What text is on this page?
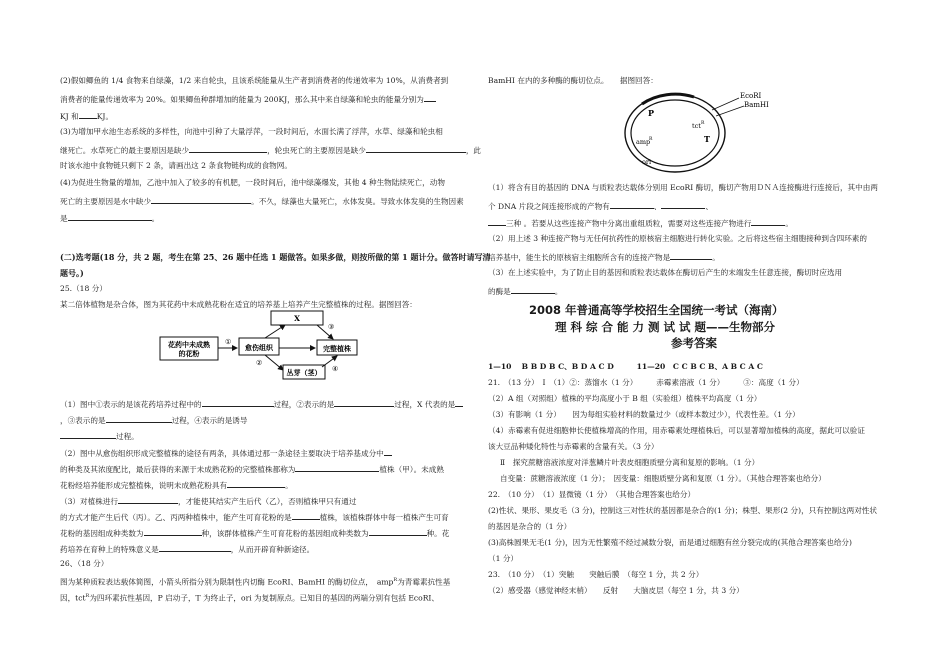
(2)假如鲫鱼的 1/4 食物来自绿藻，1/2 来自轮虫，且该系统能量从生产者到消费者的传递效率为 10%，从消费者到
消费者的能量传递效率为 20%。如果鲫鱼种群增加的能量为 200KJ，那么其中来自绿藻和轮虫的能量分别为
KJ 和 KJ。
(3)为增加甲水池生态系统的多样性，向池中引种了大量浮萍，一段时间后，水面长满了浮萍，水草、绿藻和轮虫相
继死亡。水草死亡的最主要原因是缺少	，轮虫死亡的主要原因是缺少	，此
时该水池中食物链只剩下 2 条，请画出这 2 条食物链构成的食物网。
(4)为促进生物量的增加，乙池中加入了较多的有机肥，一段时间后，池中绿藻爆发，其他 4 种生物陆续死亡，动物
死亡的主要原因是水中缺少	。不久，绿藻也大量死亡，水体发臭。导致水体发臭的生物因素
是	。
(二)选考题(18 分，共 2 题，考生在第 25、26 题中任选 1 题做答。如果多做，则按所做的第 1 题计分。做答时请写清
题号。)
25.（18 分）
某二倍体植物是杂合体，图为其花药中未成熟花粉在适宜的培养基上培养产生完整植株的过程。据图回答：
花药中未成熟
的花粉
①
愈伤组织
X
②
③
完整植株
丛芽（茎） ④
（1）图中①表示的是该花药培养过程中的	过程，②表示的是	过程，X 代表的是
，③表示的是	过程，④表示的是诱导
过程。
（2）图中从愈伤组织形成完整植株的途径有两条，具体通过那一条途径主要取决于培养基成分中
的种类及其浓度配比，最后获得的来源于未成熟花粉的完整植株都称为	植株（甲）。未成熟
花粉经培养能形成完整植株，说明未成熟花粉具有	。
（3）对植株进行	，才能使其结实产生后代（乙），否则植株甲只有通过
的方式才能产生后代（丙）。乙、丙两种植株中，能产生可育花粉的是	植株，该植株群体中每一植株产生可育
花粉的基因组成种类数为	种，该群体植株产生可育花粉的基因组成种类数为	种。花
药培养在育种上的特殊意义是	，从而开辟育种新途径。
26、（18 分）
图为某种质粒表达载体简图，小箭头所指分别为限制性内切酶 EcoRI、BamHI 的酶切位点，　 amp$^R$为青霉素抗性基
因，tct$^R$为四环素抗性基因，P 启动子，T 为终止子，ori 为复制原点。已知目的基因的两端分别有包括 EcoRI、
BamHI 在内的多种酶的酶切位点。　　 据图回答：
EcoRI
BamHI
P
amp
R
tct R
T
ori
（1）将含有目的基因的 DNA 与质粒表达载体分别用 EcoRI 酶切，酶切产物用ＤＮＡ连接酶进行连接后，其中由两
个 DNA 片段之间连接形成的产物有	、	、
三种 。若要从这些连接产物中分离出重组质粒，需要对这些连接产物进行	。
（2）用上述 3 种连接产物与无任何抗药性的原核宿主细胞进行转化实验。之后将这些宿主细胞接种到含四环素的
培养基中，能生长的原核宿主细胞所含有的连接产物是	。
（3）在上述实验中，为了防止目的基因和质粒表达载体在酶切后产生的末端发生任意连接，酶切时应选用
的酶是	。
2008 年普通高等学校招生全国统一考试（海南）
理 科 综 合 能 力 测 试 试 题——生物部分
参考答案
1—10　 B B D B C、B D A C D　　　11—20　C C B C B、A B C A C
21.　（13 分）　Ⅰ　（1）②：蒸馏水（1 分）　　　赤霉素溶液（1 分）　　　③：高度（1 分）
（2）A 组（对照组）植株的平均高度小于 B 组（实验组）植株平均高度（1 分）
（3）有影响（1 分）　　因为每组实验材料的数量过少（或样本数过少），代表性差。（1 分）
（4）赤霉素有促进细胞伸长使植株增高的作用，用赤霉素处理植株后，可以显著增加植株的高度，据此可以验证
该大豆品种矮化特性与赤霉素的含量有关。（3 分）
Ⅱ　探究蔗糖溶液浓度对洋葱鳞片叶表皮细胞质壁分离和复原的影响。（1 分）
自变量：蔗糖溶液浓度（1 分）；　因变量：细胞质壁分离和复原（1 分）。（其他合理答案也给分）
22.　（10 分）　（1）显微镜（1 分）　（其他合理答案也给分）
(2)性状、果形、果皮毛（3 分)，控制这三对性状的基因都是杂合的(1 分)；株型、果形(2 分)，只有控制这两对性状
的基因是杂合的（1 分）
(3)高株圆果无毛(1 分)，因为无性繁殖不经过减数分裂，而是通过细胞有丝分裂完成的(其他合理答案也给分)
（1 分）
23.　（10 分）　（1）突触　　突触后膜　（每空 1 分，共 2 分）
（2）感受器（感觉神经末梢）　　反射　　大脑皮层（每空 1 分，共 3 分）
